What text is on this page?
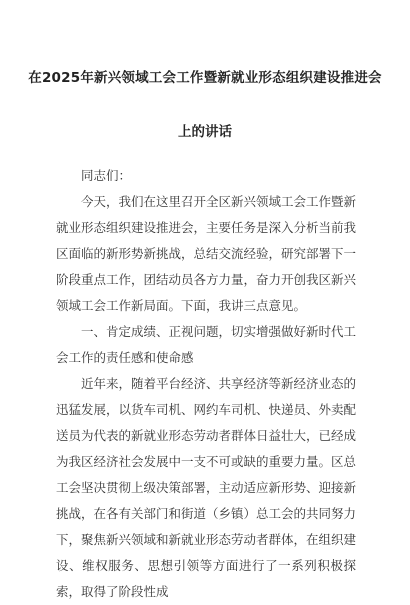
在2025年新兴领域工会工作暨新就业形态组织建设推进会
上的讲话
同志们：
今天，我们在这里召开全区新兴领域工会工作暨新就业形态组织建设推进会，主要任务是深入分析当前我区面临的新形势新挑战，总结交流经验，研究部署下一阶段重点工作，团结动员各方力量，奋力开创我区新兴领域工会工作新局面。下面，我讲三点意见。
一、肯定成绩、正视问题，切实增强做好新时代工会工作的责任感和使命感
近年来，随着平台经济、共享经济等新经济业态的迅猛发展，以货车司机、网约车司机、快递员、外卖配送员为代表的新就业形态劳动者群体日益壮大，已经成为我区经济社会发展中一支不可或缺的重要力量。区总工会坚决贯彻上级决策部署，主动适应新形势、迎接新挑战，在各有关部门和街道（乡镇）总工会的共同努力下，聚焦新兴领域和新就业形态劳动者群体，在组织建设、维权服务、思想引领等方面进行了一系列积极探索，取得了阶段性成
